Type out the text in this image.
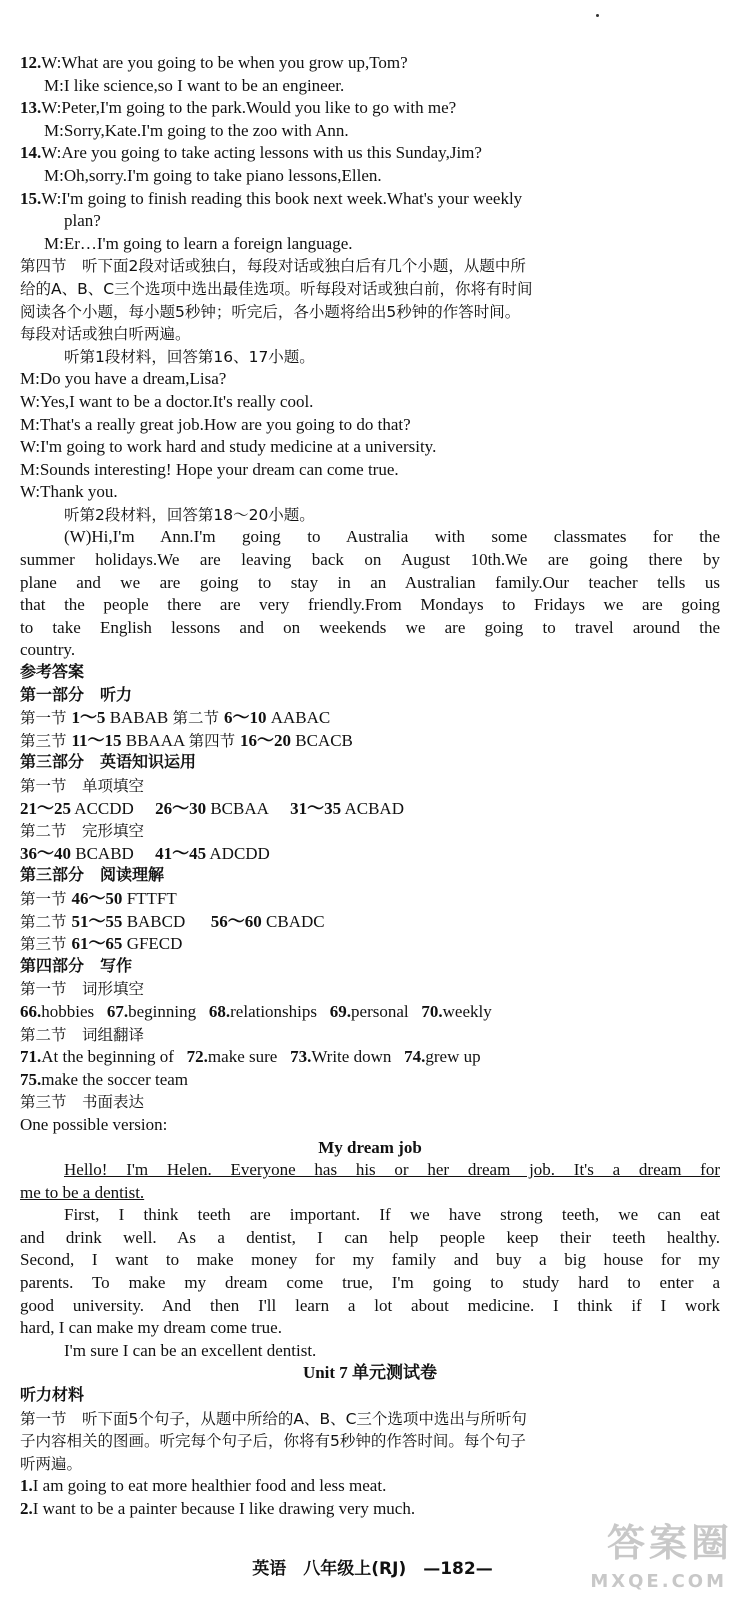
12.W:What are you going to be when you grow up,Tom?
M:I like science,so I want to be an engineer.
13.W:Peter,I'm going to the park.Would you like to go with me?
M:Sorry,Kate.I'm going to the zoo with Ann.
14.W:Are you going to take acting lessons with us this Sunday,Jim?
M:Oh,sorry.I'm going to take piano lessons,Ellen.
15.W:I'm going to finish reading this book next week.What's your weekly
plan?
M:Er…I'm going to learn a foreign language.
第四节　听下面2段对话或独白，每段对话或独白后有几个小题，从题中所
给的A、B、C三个选项中选出最佳选项。听每段对话或独白前，你将有时间
阅读各个小题，每小题5秒钟；听完后，各小题将给出5秒钟的作答时间。
每段对话或独白听两遍。
听第1段材料，回答第16、17小题。
M:Do you have a dream,Lisa?
W:Yes,I want to be a doctor.It's really cool.
M:That's a really great job.How are you going to do that?
W:I'm going to work hard and study medicine at a university.
M:Sounds interesting! Hope your dream can come true.
W:Thank you.
听第2段材料，回答第18～20小题。
(W)Hi,I'm Ann.I'm going to Australia with some classmates for the
summer holidays.We are leaving back on August 10th.We are going there by
plane and we are going to stay in an Australian family.Our teacher tells us
that the people there are very friendly.From Mondays to Fridays we are going
to take English lessons and on weekends we are going to travel around the
country.
参考答案
第一部分　听力
第一节 1～5 BABAB 第二节 6～10 AABAC
第三节 11～15 BBAAA 第四节 16～20 BCACB
第三部分　英语知识运用
第一节　单项填空
21～25 ACCDD 26～30 BCBAA 31～35 ACBAD
第二节　完形填空
36～40 BCABD 41～45 ADCDD
第三部分　阅读理解
第一节 46～50 FTTFT
第二节 51～55 BABCD 56～60 CBADC
第三节 61～65 GFECD
第四部分　写作
第一节　词形填空
66.hobbies 67.beginning 68.relationships 69.personal 70.weekly
第二节　词组翻译
71.At the beginning of 72.make sure 73.Write down 74.grew up
75.make the soccer team
第三节　书面表达
One possible version:
My dream job
Hello! I'm Helen. Everyone has his or her dream job. It's a dream for
me to be a dentist.
First, I think teeth are important. If we have strong teeth, we can eat
and drink well. As a dentist, I can help people keep their teeth healthy.
Second, I want to make money for my family and buy a big house for my
parents. To make my dream come true, I'm going to study hard to enter a
good university. And then I'll learn a lot about medicine. I think if I work
hard, I can make my dream come true.
I'm sure I can be an excellent dentist.
Unit 7 单元测试卷
听力材料
第一节　听下面5个句子，从题中所给的A、B、C三个选项中选出与所听句
子内容相关的图画。听完每个句子后，你将有5秒钟的作答时间。每个句子
听两遍。
1.I am going to eat more healthier food and less meat.
2.I want to be a painter because I like drawing very much.
英语　八年级上(RJ)　—182—
答案圈
MXQE.COM
